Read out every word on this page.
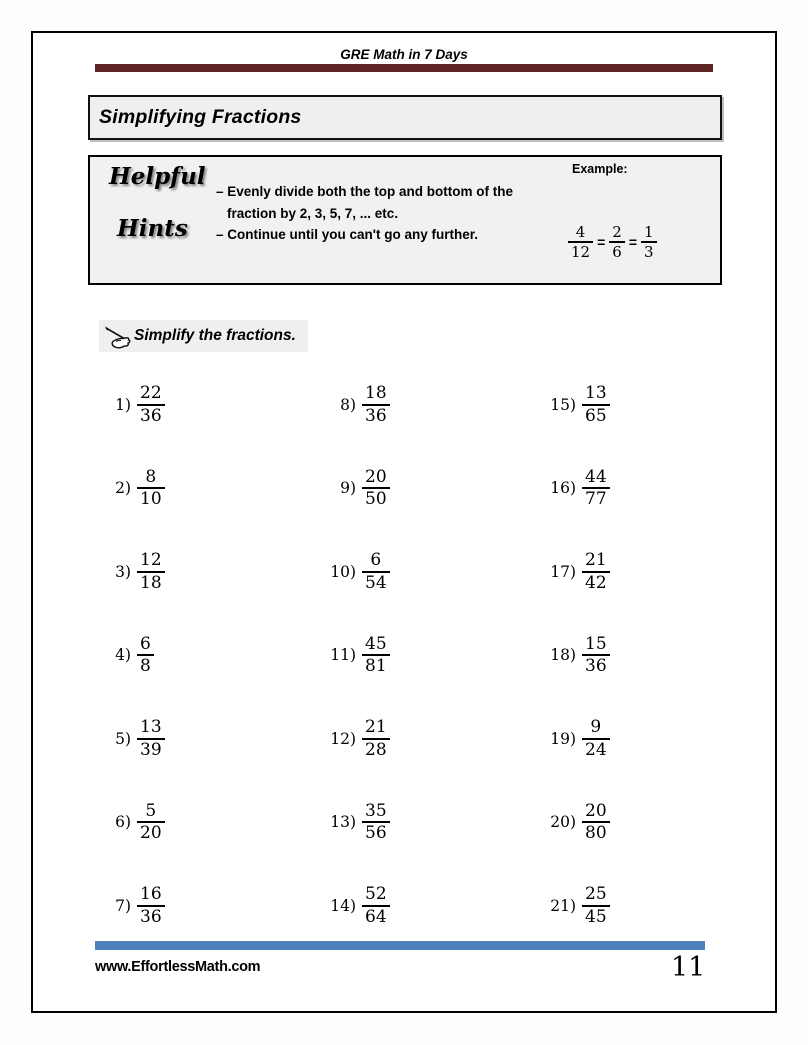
GRE Math in 7 Days
Simplifying Fractions
Helpful
Hints
– Evenly divide both the top and bottom of the
fraction by 2, 3, 5, 7, ... etc.
– Continue until you can't go any further.
Example:
$\frac{4}{12} = \frac{2}{6} = \frac{1}{3}$
Simplify the fractions.
$1) \frac{22}{36}$
$2) \frac{8}{10}$
$3) \frac{12}{18}$
$4) \frac{6}{8}$
$5) \frac{13}{39}$
$6) \frac{5}{20}$
$7) \frac{16}{36}$
$8) \frac{18}{36}$
$9) \frac{20}{50}$
$10) \frac{6}{54}$
$11) \frac{45}{81}$
$12) \frac{21}{28}$
$13) \frac{35}{56}$
$14) \frac{52}{64}$
$15) \frac{13}{65}$
$16) \frac{44}{77}$
$17) \frac{21}{42}$
$18) \frac{15}{36}$
$19) \frac{9}{24}$
$20) \frac{20}{80}$
$21) \frac{25}{45}$
www.EffortlessMath.com	11
